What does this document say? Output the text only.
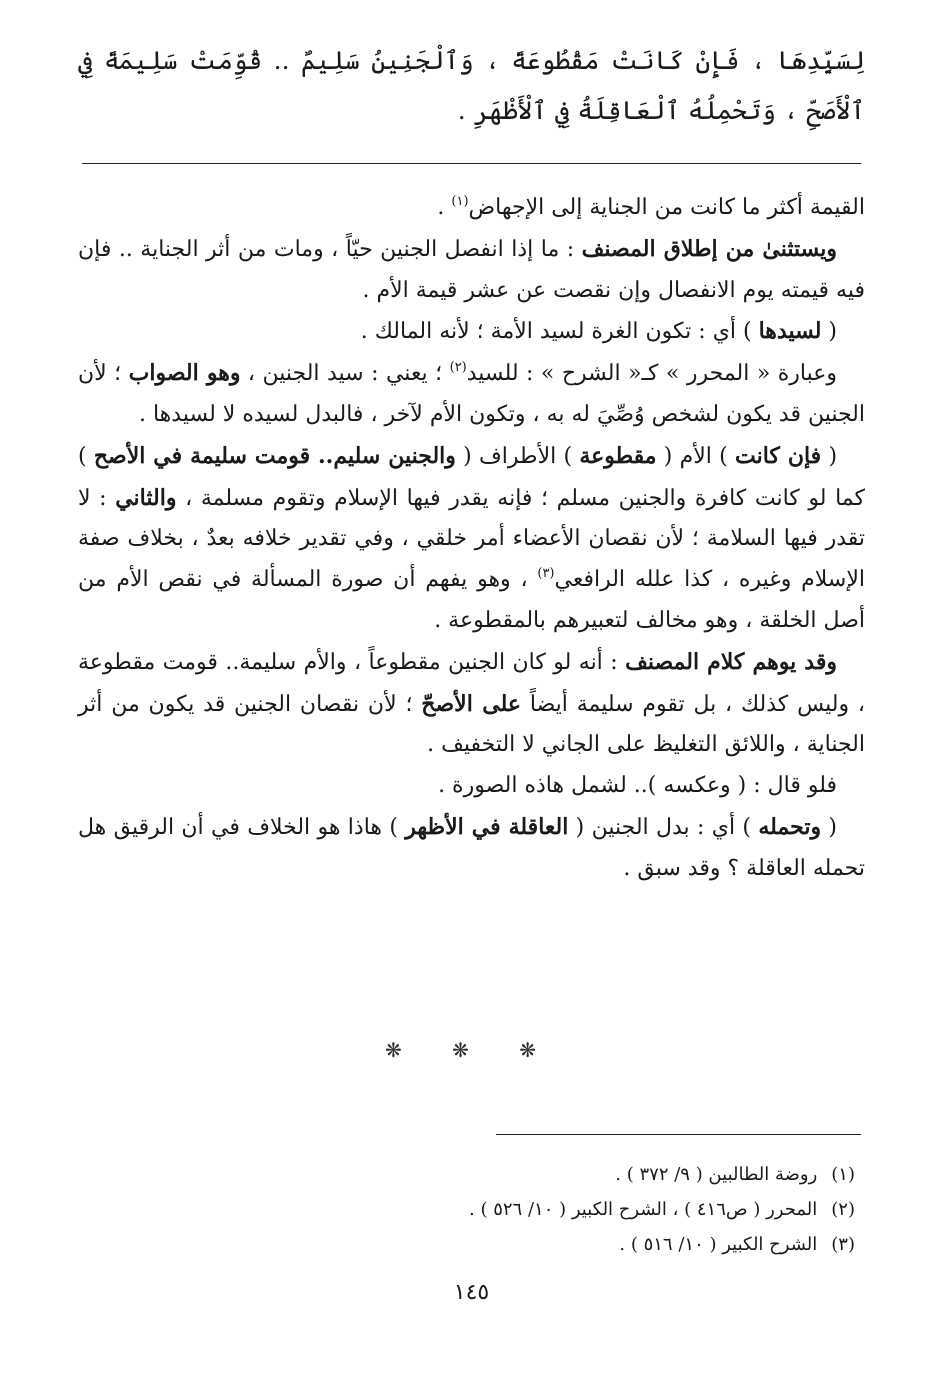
لِسَيِّدِهَا ، فَإِنْ كَانَتْ مَقْطُوعَةً ، وَٱلْجَنِينُ سَلِيمٌ .. قُوِّمَتْ سَلِيمَةً فِي ٱلْأَصَحِّ ، وَتَحْمِلُهُ ٱلْعَاقِلَةُ فِي ٱلْأَظْهَرِ .

القيمة أكثر ما كانت من الجناية إلى الإجهاض$^{(١)}$ .

ويستثنىٰ من إطلاق المصنف : ما إذا انفصل الجنين حيّاً ، ومات من أثر الجناية .. فإن فيه قيمته يوم الانفصال وإن نقصت عن عشر قيمة الأم .

( لسيدها ) أي : تكون الغرة لسيد الأمة ؛ لأنه المالك .

وعبارة « المحرر » كـ« الشرح » : للسيد$^{(٢)}$ ؛ يعني : سيد الجنين ، وهو الصواب ؛ لأن الجنين قد يكون لشخص وُصِّيَ له به ، وتكون الأم لآخر ، فالبدل لسيده لا لسيدها .

( فإن كانت ) الأم ( مقطوعة ) الأطراف ( والجنين سليم.. قومت سليمة في الأصح ) كما لو كانت كافرة والجنين مسلم ؛ فإنه يقدر فيها الإسلام وتقوم مسلمة ، والثاني : لا تقدر فيها السلامة ؛ لأن نقصان الأعضاء أمر خلقي ، وفي تقدير خلافه بعدٌ ، بخلاف صفة الإسلام وغيره ، كذا علله الرافعي$^{(٣)}$ ، وهو يفهم أن صورة المسألة في نقص الأم من أصل الخلقة ، وهو مخالف لتعبيرهم بالمقطوعة .

وقد يوهم كلام المصنف : أنه لو كان الجنين مقطوعاً ، والأم سليمة.. قومت مقطوعة ، وليس كذلك ، بل تقوم سليمة أيضاً على الأصحّ ؛ لأن نقصان الجنين قد يكون من أثر الجناية ، واللائق التغليظ على الجاني لا التخفيف .

فلو قال : ( وعكسه ).. لشمل هاذه الصورة .

( وتحمله ) أي : بدل الجنين ( العاقلة في الأظهر ) هاذا هو الخلاف في أن الرقيق هل تحمله العاقلة ؟ وقد سبق .

❋ ❋ ❋
(١)
روضة الطالبين ( ٩/ ٣٧٢ ) .
(٢)
المحرر ( ص٤١٦ ) ، الشرح الكبير ( ١٠/ ٥٢٦ ) .
(٣)
الشرح الكبير ( ١٠/ ٥١٦ ) .
١٤٥
